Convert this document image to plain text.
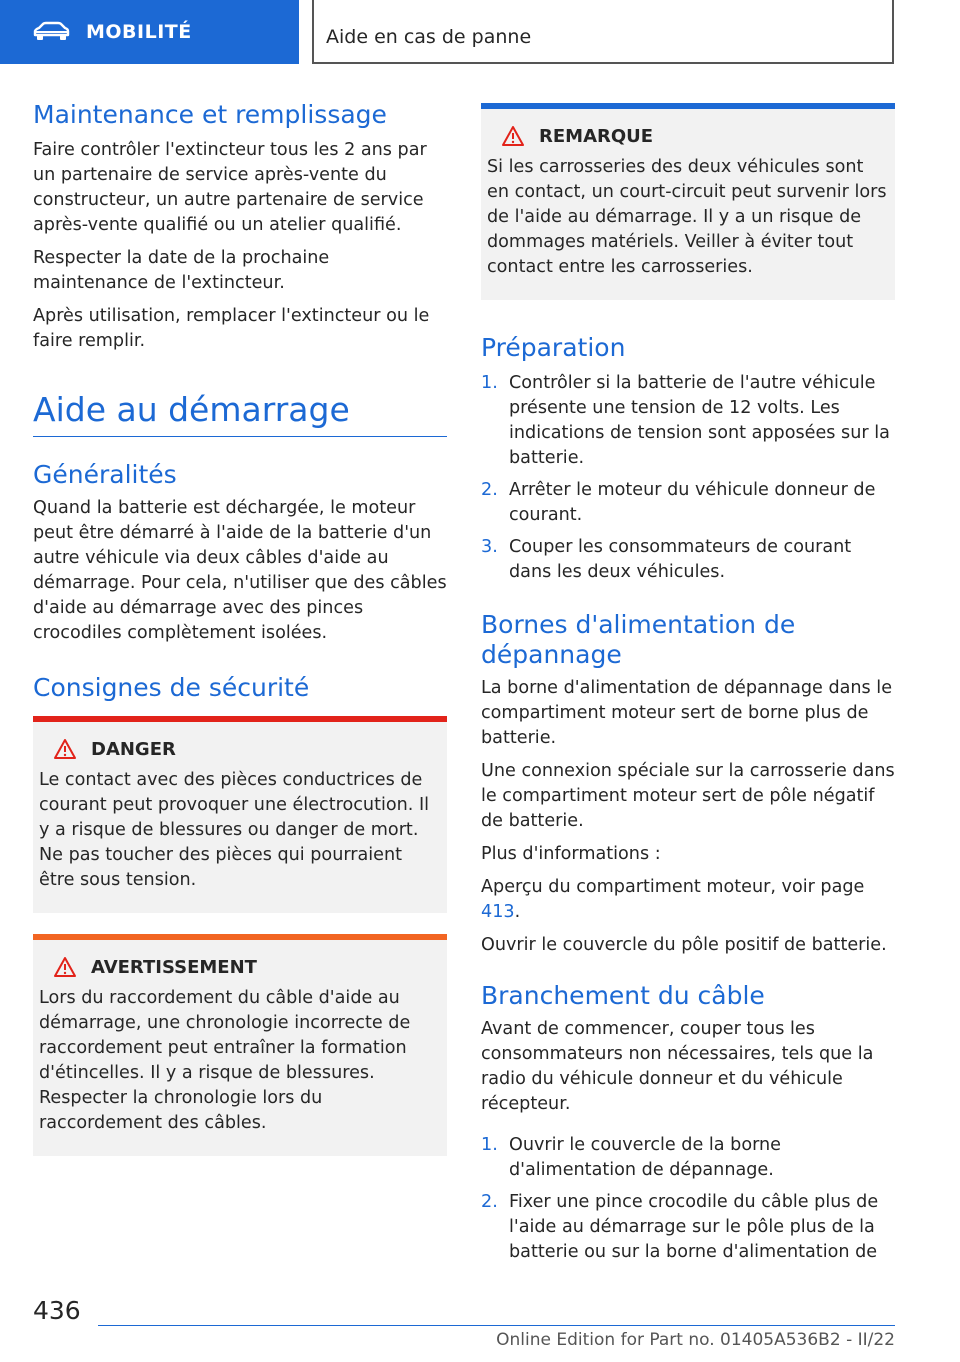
MOBILITÉ	Aide en cas de panne
Maintenance et remplissage
Faire contrôler l'extincteur tous les 2 ans par un partenaire de service après-vente du constructeur, un autre partenaire de service après-vente qualifié ou un atelier qualifié.
Respecter la date de la prochaine maintenance de l'extincteur.
Après utilisation, remplacer l'extincteur ou le faire remplir.
Aide au démarrage
Généralités
Quand la batterie est déchargée, le moteur peut être démarré à l'aide de la batterie d'un autre véhicule via deux câbles d'aide au démarrage. Pour cela, n'utiliser que des câbles d'aide au démarrage avec des pinces crocodiles complètement isolées.
Consignes de sécurité
DANGER
Le contact avec des pièces conductrices de courant peut provoquer une électrocution. Il y a risque de blessures ou danger de mort. Ne pas toucher des pièces qui pourraient être sous tension.
AVERTISSEMENT
Lors du raccordement du câble d'aide au démarrage, une chronologie incorrecte de raccordement peut entraîner la formation d'étincelles. Il y a risque de blessures. Respecter la chronologie lors du raccordement des câbles.
REMARQUE
Si les carrosseries des deux véhicules sont en contact, un court-circuit peut survenir lors de l'aide au démarrage. Il y a un risque de dommages matériels. Veiller à éviter tout contact entre les carrosseries.
Préparation
1. Contrôler si la batterie de l'autre véhicule présente une tension de 12 volts. Les indications de tension sont apposées sur la batterie.
2. Arrêter le moteur du véhicule donneur de courant.
3. Couper les consommateurs de courant dans les deux véhicules.
Bornes d'alimentation de dépannage
La borne d'alimentation de dépannage dans le compartiment moteur sert de borne plus de batterie.
Une connexion spéciale sur la carrosserie dans le compartiment moteur sert de pôle négatif de batterie.
Plus d'informations :
Aperçu du compartiment moteur, voir page 413.
Ouvrir le couvercle du pôle positif de batterie.
Branchement du câble
Avant de commencer, couper tous les consommateurs non nécessaires, tels que la radio du véhicule donneur et du véhicule récepteur.
1. Ouvrir le couvercle de la borne d'alimentation de dépannage.
2. Fixer une pince crocodile du câble plus de l'aide au démarrage sur le pôle plus de la batterie ou sur la borne d'alimentation de
436
Online Edition for Part no. 01405A536B2 - II/22
